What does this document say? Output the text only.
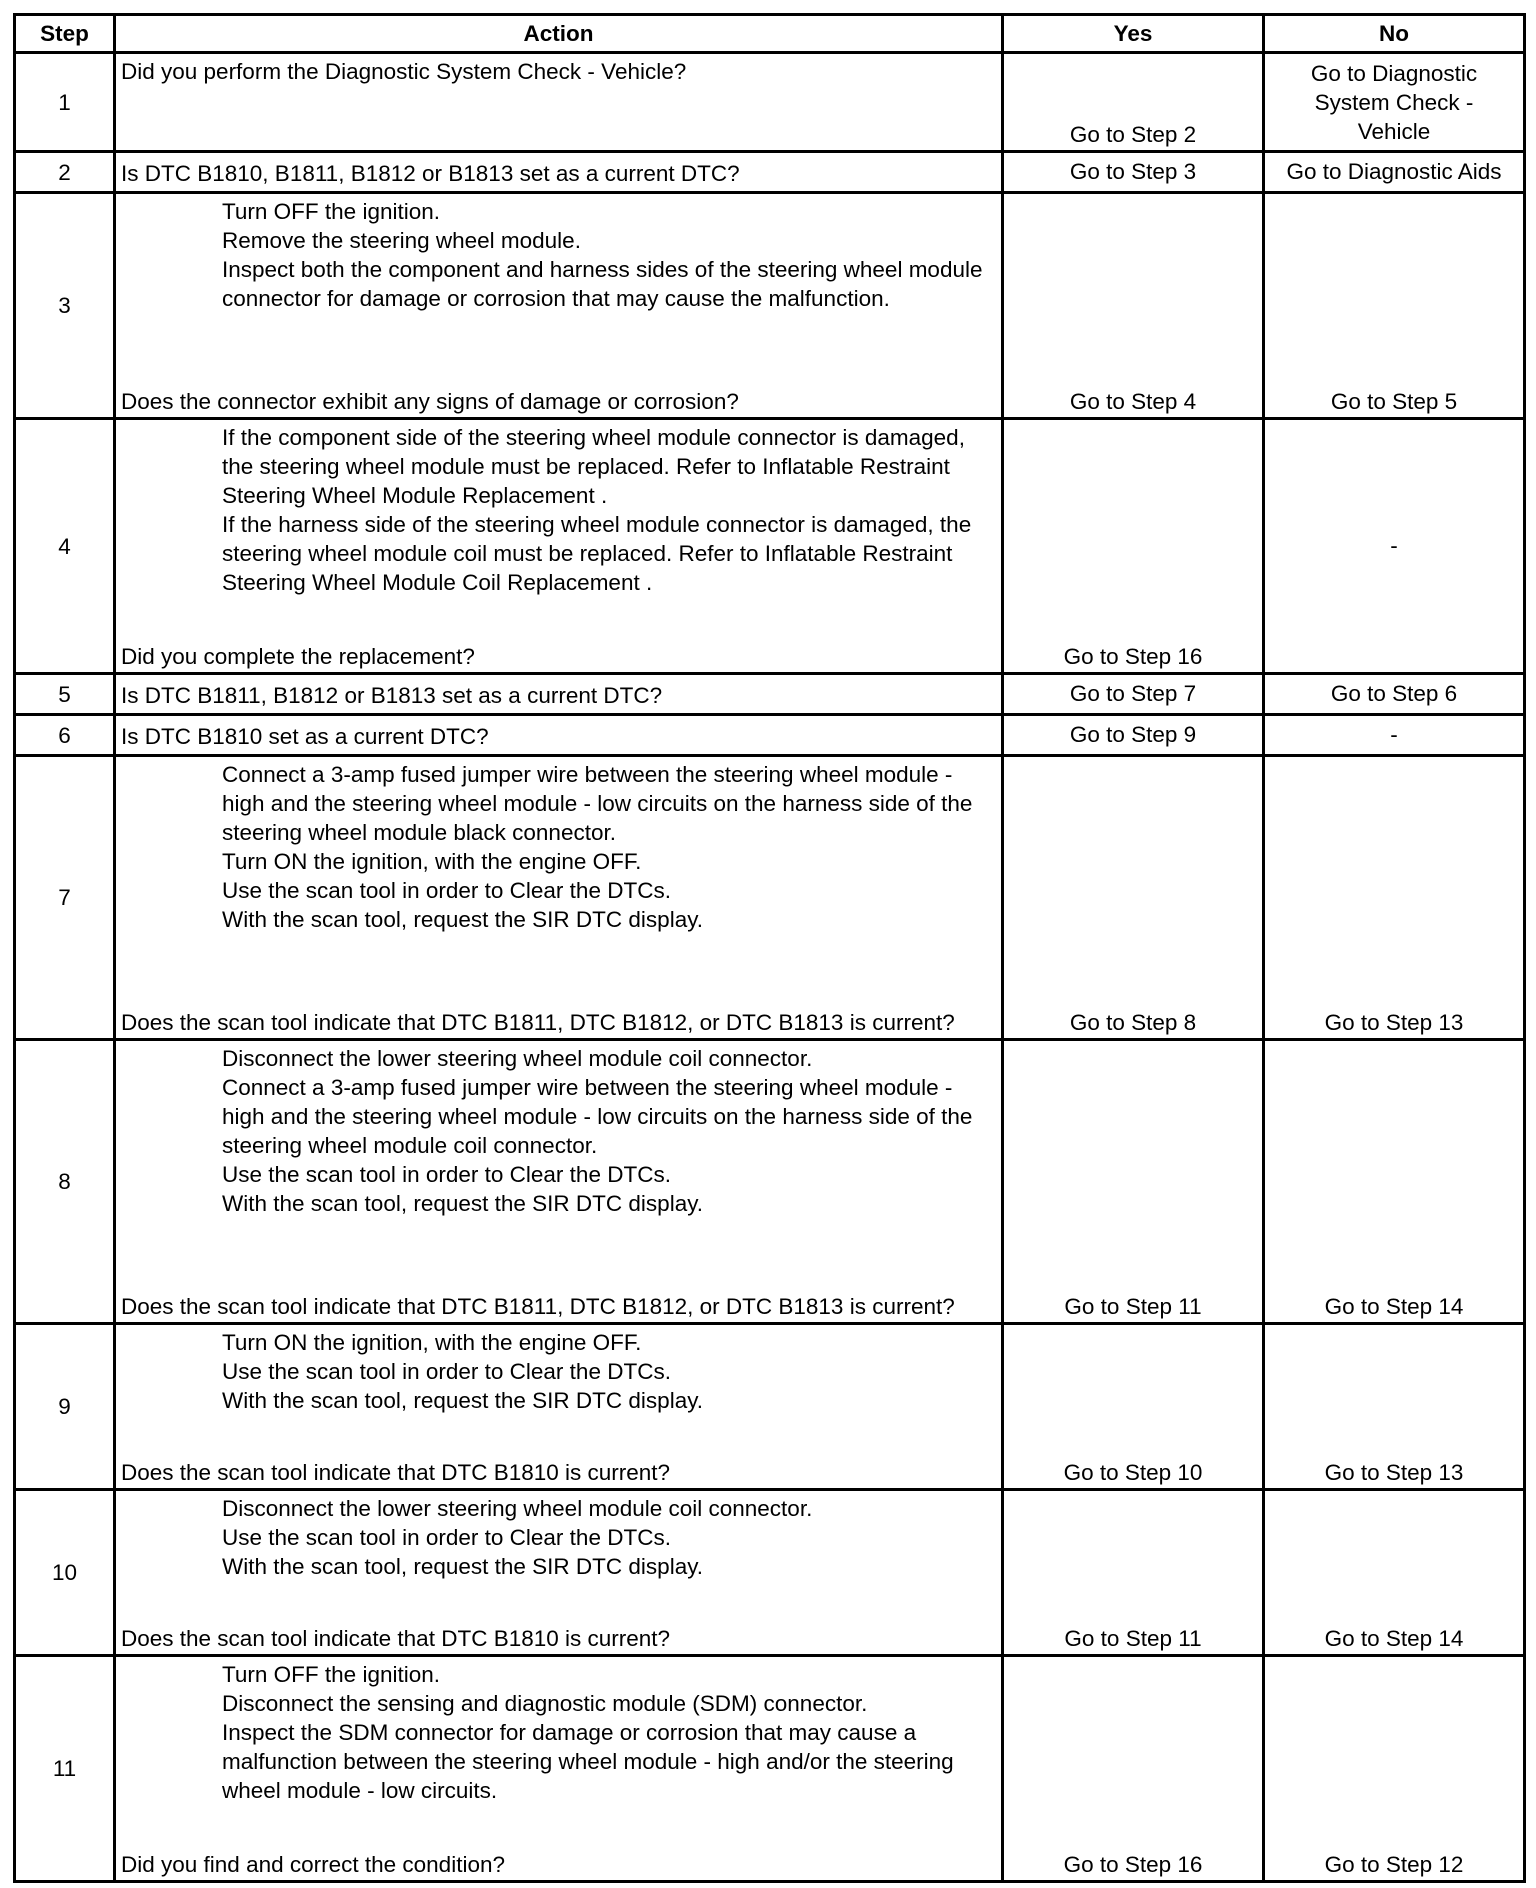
Step	Action	Yes	No
1	Did you perform the Diagnostic System Check - Vehicle?	Go to Step 2	Go to Diagnostic System Check - Vehicle
2	Is DTC B1810, B1811, B1812 or B1813 set as a current DTC?	Go to Step 3	Go to Diagnostic Aids
3	Turn OFF the ignition.
Remove the steering wheel module.
Inspect both the component and harness sides of the steering wheel module connector for damage or corrosion that may cause the malfunction.
Does the connector exhibit any signs of damage or corrosion?	Go to Step 4	Go to Step 5
4	If the component side of the steering wheel module connector is damaged, the steering wheel module must be replaced. Refer to Inflatable Restraint Steering Wheel Module Replacement .
If the harness side of the steering wheel module connector is damaged, the steering wheel module coil must be replaced. Refer to Inflatable Restraint Steering Wheel Module Coil Replacement .
Did you complete the replacement?	Go to Step 16	-
5	Is DTC B1811, B1812 or B1813 set as a current DTC?	Go to Step 7	Go to Step 6
6	Is DTC B1810 set as a current DTC?	Go to Step 9	-
7	Connect a 3-amp fused jumper wire between the steering wheel module - high and the steering wheel module - low circuits on the harness side of the steering wheel module black connector.
Turn ON the ignition, with the engine OFF.
Use the scan tool in order to Clear the DTCs.
With the scan tool, request the SIR DTC display.
Does the scan tool indicate that DTC B1811, DTC B1812, or DTC B1813 is current?	Go to Step 8	Go to Step 13
8	Disconnect the lower steering wheel module coil connector.
Connect a 3-amp fused jumper wire between the steering wheel module - high and the steering wheel module - low circuits on the harness side of the steering wheel module coil connector.
Use the scan tool in order to Clear the DTCs.
With the scan tool, request the SIR DTC display.
Does the scan tool indicate that DTC B1811, DTC B1812, or DTC B1813 is current?	Go to Step 11	Go to Step 14
9	Turn ON the ignition, with the engine OFF.
Use the scan tool in order to Clear the DTCs.
With the scan tool, request the SIR DTC display.
Does the scan tool indicate that DTC B1810 is current?	Go to Step 10	Go to Step 13
10	Disconnect the lower steering wheel module coil connector.
Use the scan tool in order to Clear the DTCs.
With the scan tool, request the SIR DTC display.
Does the scan tool indicate that DTC B1810 is current?	Go to Step 11	Go to Step 14
11	Turn OFF the ignition.
Disconnect the sensing and diagnostic module (SDM) connector.
Inspect the SDM connector for damage or corrosion that may cause a malfunction between the steering wheel module - high and/or the steering wheel module - low circuits.
Did you find and correct the condition?	Go to Step 16	Go to Step 12
